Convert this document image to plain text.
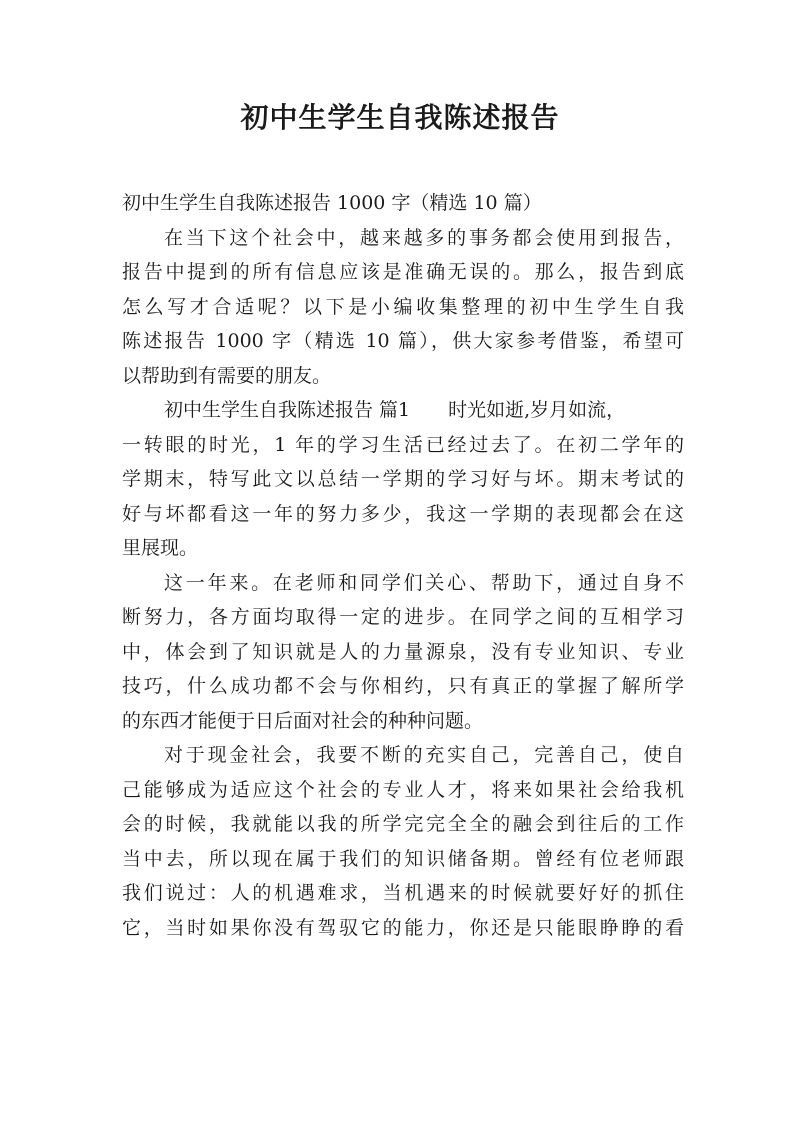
初中生学生自我陈述报告
初中生学生自我陈述报告 1000 字（精选 10 篇）
在当下这个社会中，越来越多的事务都会使用到报告，
报告中提到的所有信息应该是准确无误的。那么，报告到底
怎么写才合适呢？以下是小编收集整理的初中生学生自我
陈述报告 1000 字（精选 10 篇），供大家参考借鉴，希望可
以帮助到有需要的朋友。
初中生学生自我陈述报告 篇1 时光如逝,岁月如流，
一转眼的时光，1 年的学习生活已经过去了。在初二学年的
学期末，特写此文以总结一学期的学习好与坏。期末考试的
好与坏都看这一年的努力多少，我这一学期的表现都会在这
里展现。
这一年来。在老师和同学们关心、帮助下，通过自身不
断努力，各方面均取得一定的进步。在同学之间的互相学习
中，体会到了知识就是人的力量源泉，没有专业知识、专业
技巧，什么成功都不会与你相约，只有真正的掌握了解所学
的东西才能便于日后面对社会的种种问题。
对于现金社会，我要不断的充实自己，完善自己，使自
己能够成为适应这个社会的专业人才，将来如果社会给我机
会的时候，我就能以我的所学完完全全的融会到往后的工作
当中去，所以现在属于我们的知识储备期。曾经有位老师跟
我们说过：人的机遇难求，当机遇来的时候就要好好的抓住
它，当时如果你没有驾驭它的能力，你还是只能眼睁睁的看
